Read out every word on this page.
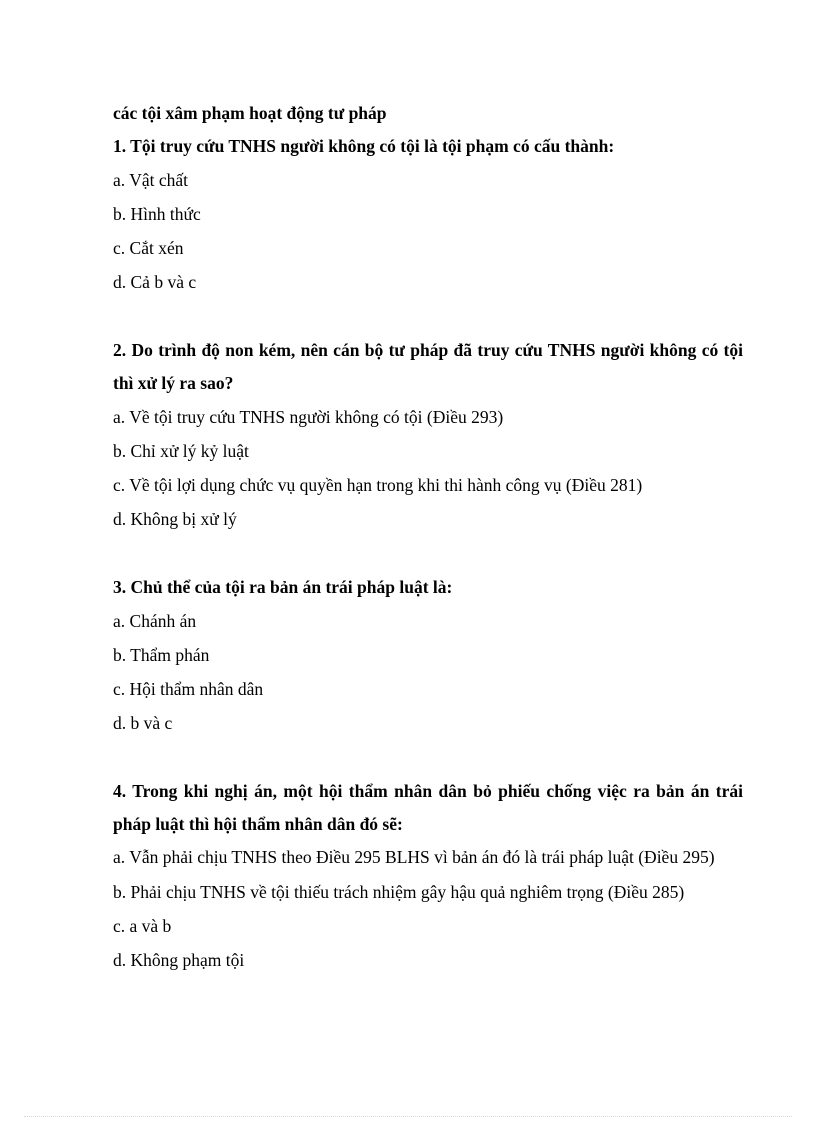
các tội xâm phạm hoạt động tư pháp
1. Tội truy cứu TNHS người không có tội là tội phạm có cấu thành:
a. Vật chất
b. Hình thức
c. Cắt xén
d. Cả b và c
2. Do trình độ non kém, nên cán bộ tư pháp đã truy cứu TNHS người không có tội thì xử lý ra sao?
a. Về tội truy cứu TNHS người không có tội (Điều 293)
b. Chỉ xử lý kỷ luật
c. Về tội lợi dụng chức vụ quyền hạn trong khi thi hành công vụ (Điều 281)
d. Không bị xử lý
3. Chủ thể của tội ra bản án trái pháp luật là:
a. Chánh án
b. Thẩm phán
c. Hội thẩm nhân dân
d. b và c
4. Trong khi nghị án, một hội thẩm nhân dân bỏ phiếu chống việc ra bản án trái pháp luật thì hội thẩm nhân dân đó sẽ:
a. Vẫn phải chịu TNHS theo Điều 295 BLHS vì bản án đó là trái pháp luật (Điều 295)
b. Phải chịu TNHS về tội thiếu trách nhiệm gây hậu quả nghiêm trọng (Điều 285)
c. a và b
d. Không phạm tội
